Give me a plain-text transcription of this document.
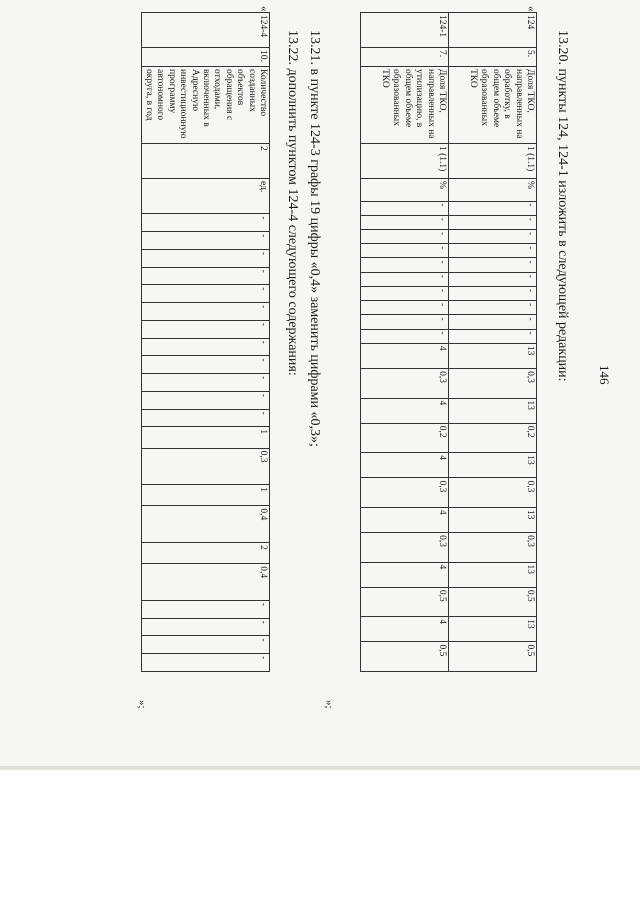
146
13.20. пункты 124, 124-1 изложить в следующей редакции:
«
124	5.	Доля ТКО, направленных на обработку, в общем объеме образованных ТКО	1 (1.1)	%	-	-	-	-	-	-	-	-	-	-	13	0,3	13	0,2	13	0,3	13	0,3	13	0,5	13	0,5
124-1	7.	Доля ТКО, направленных на утилизацию, в общем объеме образованных ТКО	1 (1.1)	%	-	-	-	-	-	-	-	-	-	-	4	0,3	4	0,2	4	0,3	4	0,3	4	0,5	4	0,5
»;
13.21. в пункте 124-3 графы 19 цифры «0,4» заменить цифрами «0,3»;
13.22. дополнить пунктом 124-4 следующего содержания:
«
124-4	10.	Количество созданных объектов обращения с отходами, включенных в Адресную инвестиционную программу автономного округа, в год	2	ед.	-	-	-	-	-	-	-	-	-	-	-	-	1	0,3	1	0,4	2	0,4	-	-	-	-
»;
